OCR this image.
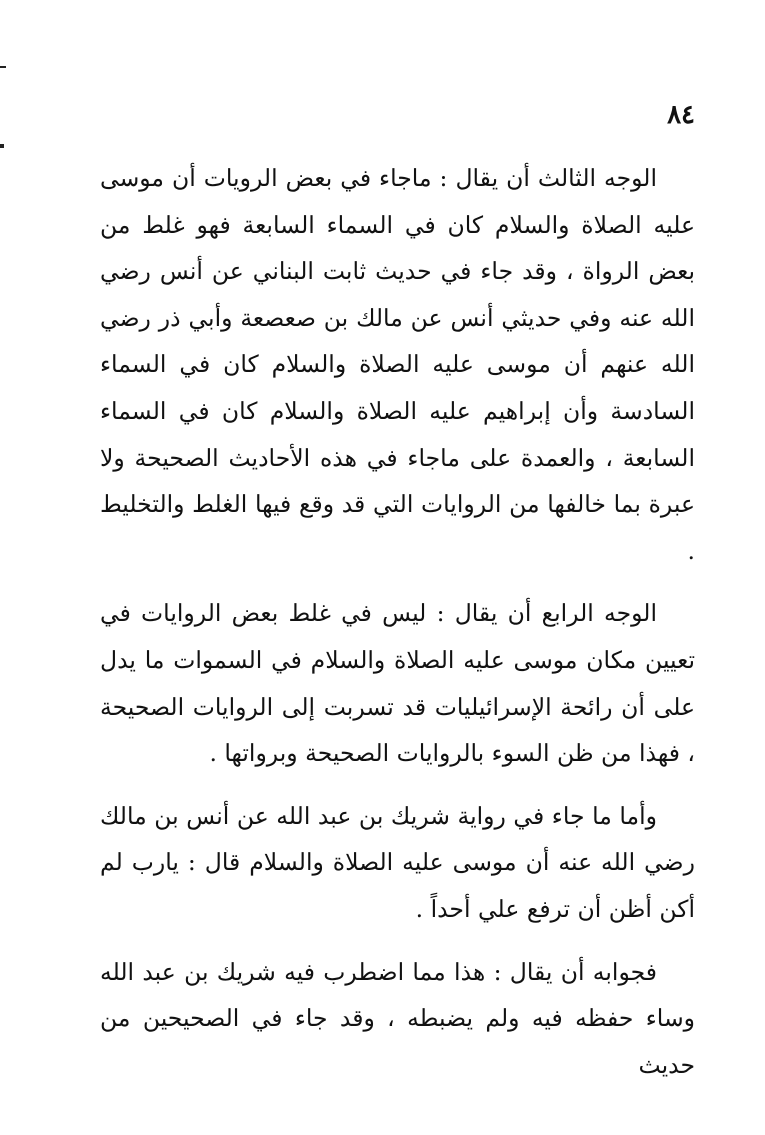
٨٤

الوجه الثالث أن يقال : ماجاء في بعض الرويات أن موسى عليه الصلاة والسلام كان في السماء السابعة فهو غلط من بعض الرواة ، وقد جاء في حديث ثابت البناني عن أنس رضي الله عنه وفي حديثي أنس عن مالك بن صعصعة وأبي ذر رضي الله عنهم أن موسى عليه الصلاة والسلام كان في السماء السادسة وأن إبراهيم عليه الصلاة والسلام كان في السماء السابعة ، والعمدة على ماجاء في هذه الأحاديث الصحيحة ولا عبرة بما خالفها من الروايات التي قد وقع فيها الغلط والتخليط .

الوجه الرابع أن يقال : ليس في غلط بعض الروايات في تعيين مكان موسى عليه الصلاة والسلام في السموات ما يدل على أن رائحة الإسرائيليات قد تسربت إلى الروايات الصحيحة ، فهذا من ظن السوء بالروايات الصحيحة وبرواتها .

وأما ما جاء في رواية شريك بن عبد الله عن أنس بن مالك رضي الله عنه أن موسى عليه الصلاة والسلام قال : يارب لم أكن أظن أن ترفع علي أحداً .

فجوابه أن يقال : هذا مما اضطرب فيه شريك بن عبد الله وساء حفظه فيه ولم يضبطه ، وقد جاء في الصحيحين من حديث
